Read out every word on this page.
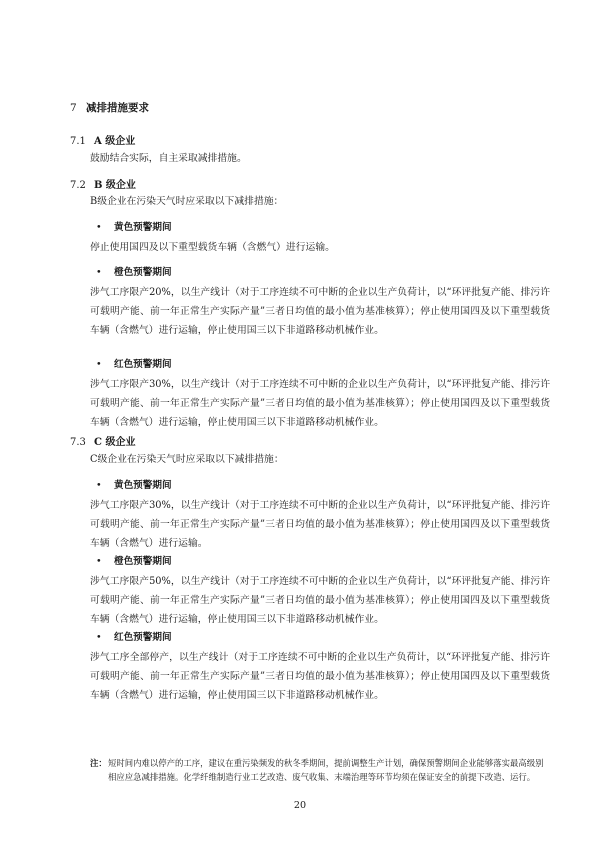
7 减排措施要求
7.1 A 级企业
鼓励结合实际，自主采取减排措施。
7.2 B 级企业
B级企业在污染天气时应采取以下减排措施：
• 黄色预警期间
停止使用国四及以下重型载货车辆（含燃气）进行运输。
• 橙色预警期间
涉气工序限产20%，以生产线计（对于工序连续不可中断的企业以生产负荷计，以“环评批复产能、排污许可载明产能、前一年正常生产实际产量”三者日均值的最小值为基准核算）；停止使用国四及以下重型载货车辆（含燃气）进行运输，停止使用国三以下非道路移动机械作业。
• 红色预警期间
涉气工序限产30%，以生产线计（对于工序连续不可中断的企业以生产负荷计，以“环评批复产能、排污许可载明产能、前一年正常生产实际产量”三者日均值的最小值为基准核算）；停止使用国四及以下重型载货车辆（含燃气）进行运输，停止使用国三以下非道路移动机械作业。
7.3 C 级企业
C级企业在污染天气时应采取以下减排措施：
• 黄色预警期间
涉气工序限产30%，以生产线计（对于工序连续不可中断的企业以生产负荷计，以“环评批复产能、排污许可载明产能、前一年正常生产实际产量”三者日均值的最小值为基准核算）；停止使用国四及以下重型载货车辆（含燃气）进行运输。
• 橙色预警期间
涉气工序限产50%，以生产线计（对于工序连续不可中断的企业以生产负荷计，以“环评批复产能、排污许可载明产能、前一年正常生产实际产量”三者日均值的最小值为基准核算）；停止使用国四及以下重型载货车辆（含燃气）进行运输，停止使用国三以下非道路移动机械作业。
• 红色预警期间
涉气工序全部停产，以生产线计（对于工序连续不可中断的企业以生产负荷计，以“环评批复产能、排污许可载明产能、前一年正常生产实际产量”三者日均值的最小值为基准核算）；停止使用国四及以下重型载货车辆（含燃气）进行运输，停止使用国三以下非道路移动机械作业。
注： 短时间内难以停产的工序，建议在重污染频发的秋冬季期间，提前调整生产计划，确保预警期间企业能够落实最高级别相应应急减排措施。化学纤维制造行业工艺改造、废气收集、末端治理等环节均须在保证安全的前提下改造、运行。
20
